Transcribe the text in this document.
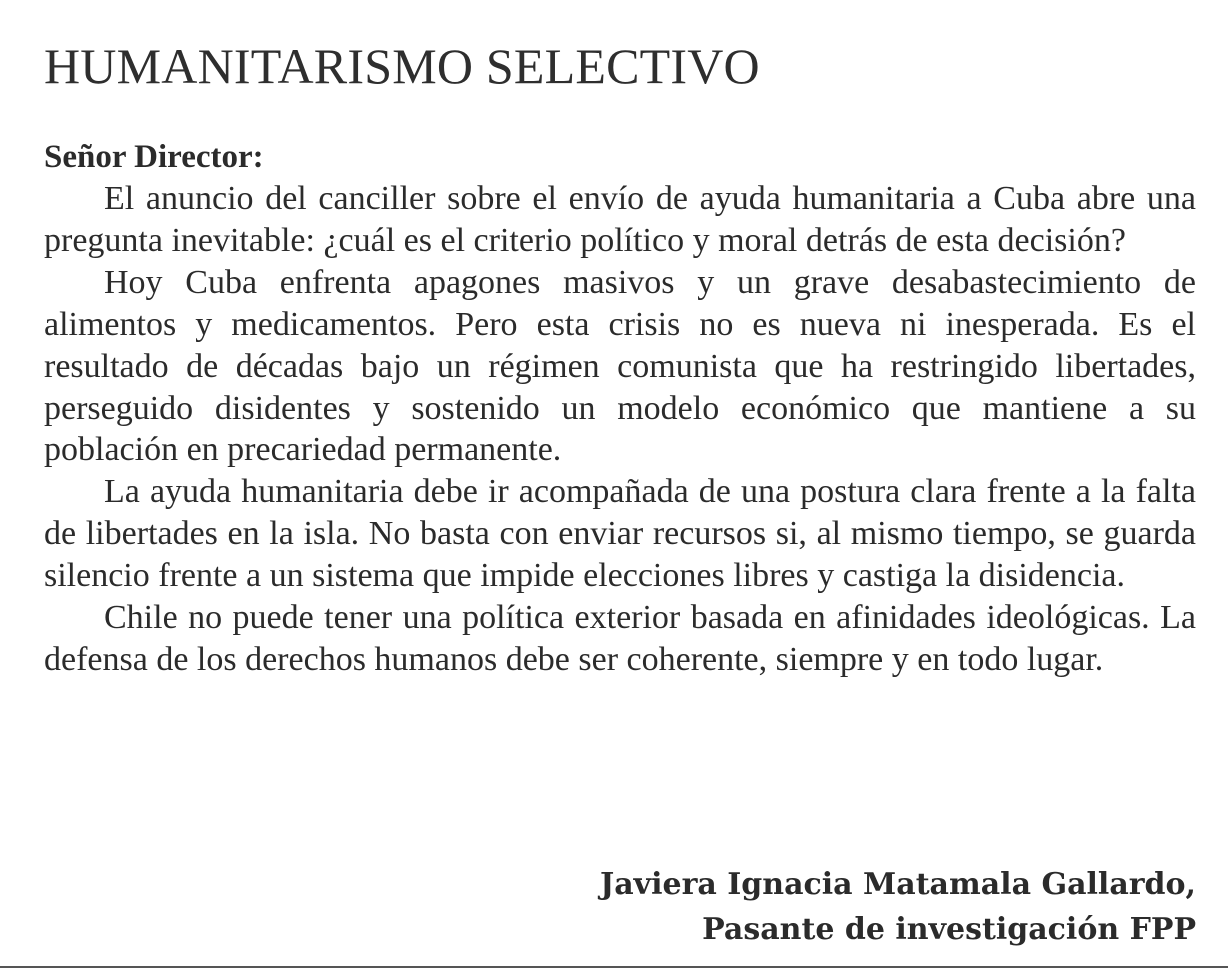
HUMANITARISMO SELECTIVO
Señor Director:

El anuncio del canciller sobre el envío de ayuda humanitaria a Cuba abre una pregunta inevitable: ¿cuál es el criterio político y moral detrás de esta decisión?

Hoy Cuba enfrenta apagones masivos y un grave desabastecimiento de alimentos y medicamentos. Pero esta crisis no es nueva ni inesperada. Es el resultado de décadas bajo un régimen comunista que ha restringido libertades, perseguido disidentes y sostenido un modelo económico que mantiene a su población en precariedad permanente.

La ayuda humanitaria debe ir acompañada de una postura clara frente a la falta de libertades en la isla. No basta con enviar recursos si, al mismo tiempo, se guarda silencio frente a un sistema que impide elecciones libres y castiga la disidencia.

Chile no puede tener una política exterior basada en afinidades ideológicas. La defensa de los derechos humanos debe ser coherente, siempre y en todo lugar.

Javiera Ignacia Matamala Gallardo,
Pasante de investigación FPP
